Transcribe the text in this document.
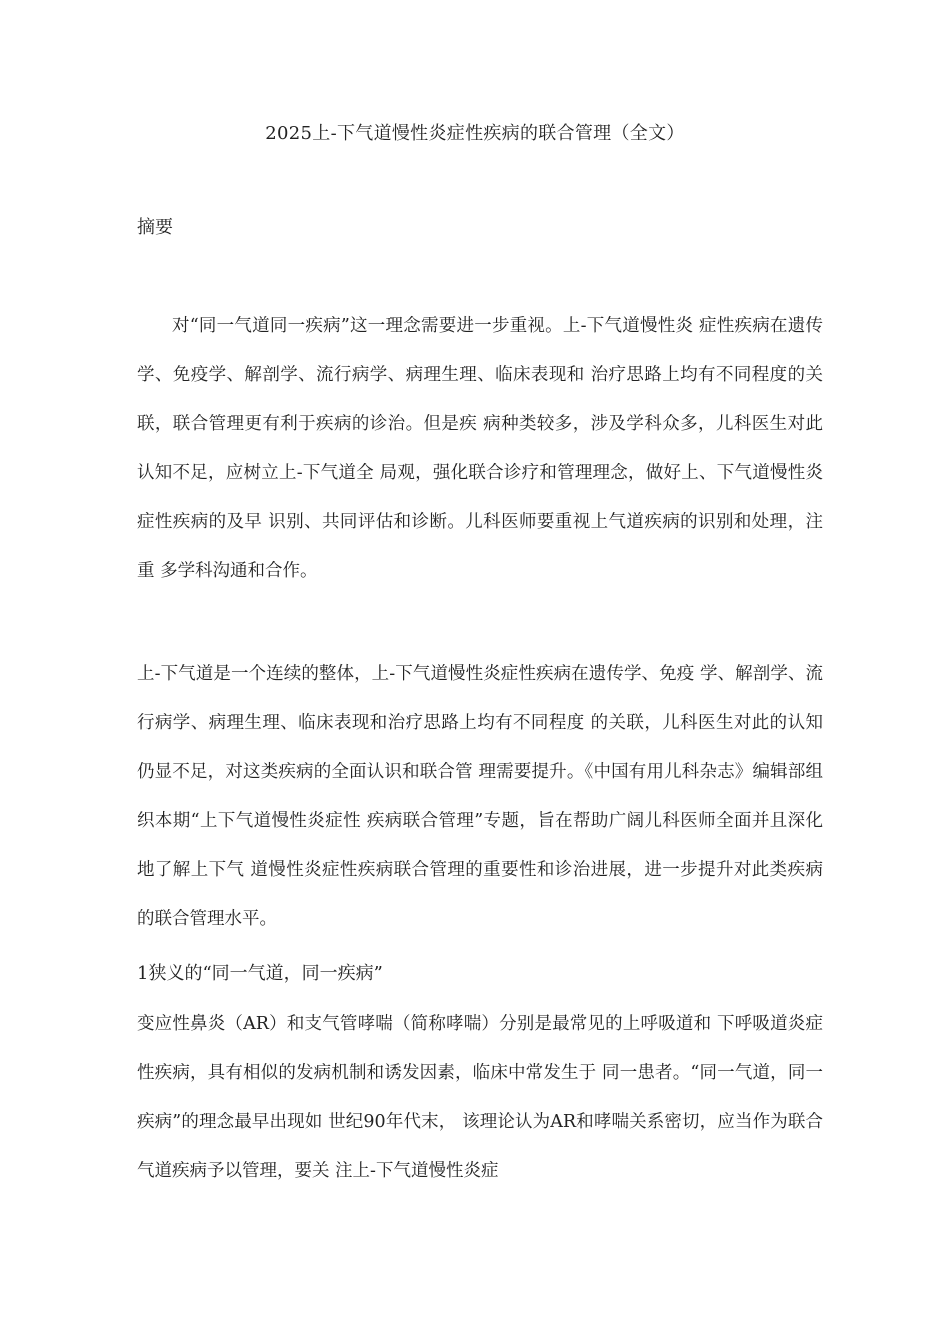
2025上-下气道慢性炎症性疾病的联合管理（全文）
摘要

对“同一气道同一疾病”这一理念需要进一步重视。上-下气道慢性炎 症性疾病在遗传学、免疫学、解剖学、流行病学、病理生理、临床表现和 治疗思路上均有不同程度的关联，联合管理更有利于疾病的诊治。但是疾 病种类较多，涉及学科众多，儿科医生对此认知不足，应树立上-下气道全 局观，强化联合诊疗和管理理念，做好上、下气道慢性炎症性疾病的及早 识别、共同评估和诊断。儿科医师要重视上气道疾病的识别和处理，注重 多学科沟通和合作。

上-下气道是一个连续的整体，上-下气道慢性炎症性疾病在遗传学、免疫 学、解剖学、流行病学、病理生理、临床表现和治疗思路上均有不同程度 的关联，儿科医生对此的认知仍显不足，对这类疾病的全面认识和联合管 理需要提升。《中国有用儿科杂志》编辑部组织本期“上下气道慢性炎症性 疾病联合管理”专题，旨在帮助广阔儿科医师全面并且深化地了解上下气 道慢性炎症性疾病联合管理的重要性和诊治进展，进一步提升对此类疾病 的联合管理水平。

1狭义的“同一气道，同一疾病”

变应性鼻炎（AR）和支气管哮喘（简称哮喘）分别是最常见的上呼吸道和 下呼吸道炎症性疾病，具有相似的发病机制和诱发因素，临床中常发生于 同一患者。“同一气道，同一疾病”的理念最早出现如 世纪90年代末， 该理论认为AR和哮喘关系密切，应当作为联合气道疾病予以管理，要关 注上-下气道慢性炎症
